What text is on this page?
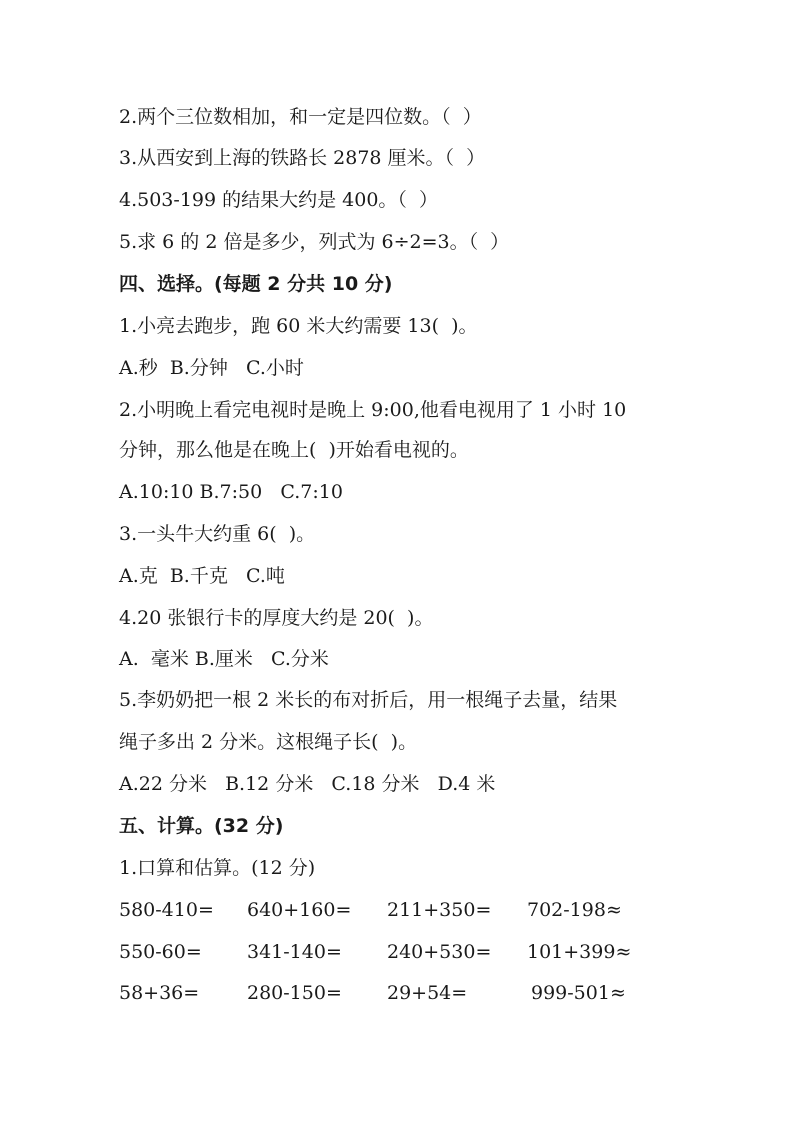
2.两个三位数相加，和一定是四位数。（  ）
3.从西安到上海的铁路长 2878 厘米。（  ）
4.503-199 的结果大约是 400。（  ）
5.求 6 的 2 倍是多少，列式为 6÷2=3。（  ）
四、选择。(每题 2 分共 10 分)
1.小亮去跑步，跑 60 米大约需要 13(  )。
A.秒  B.分钟   C.小时
2.小明晚上看完电视时是晚上 9:00,他看电视用了 1 小时 10
分钟，那么他是在晚上(  )开始看电视的。
A.10:10 B.7:50   C.7:10
3.一头牛大约重 6(  )。
A.克  B.千克   C.吨
4.20 张银行卡的厚度大约是 20(  )。
A.  毫米 B.厘米   C.分米
5.李奶奶把一根 2 米长的布对折后，用一根绳子去量，结果
绳子多出 2 分米。这根绳子长(  )。
A.22 分米   B.12 分米   C.18 分米   D.4 米
五、计算。(32 分)
1.口算和估算。(12 分)
580-410= 640+160= 211+350= 702-198≈
550-60= 341-140= 240+530= 101+399≈
58+36=	280-150= 29+54=	999-501≈
